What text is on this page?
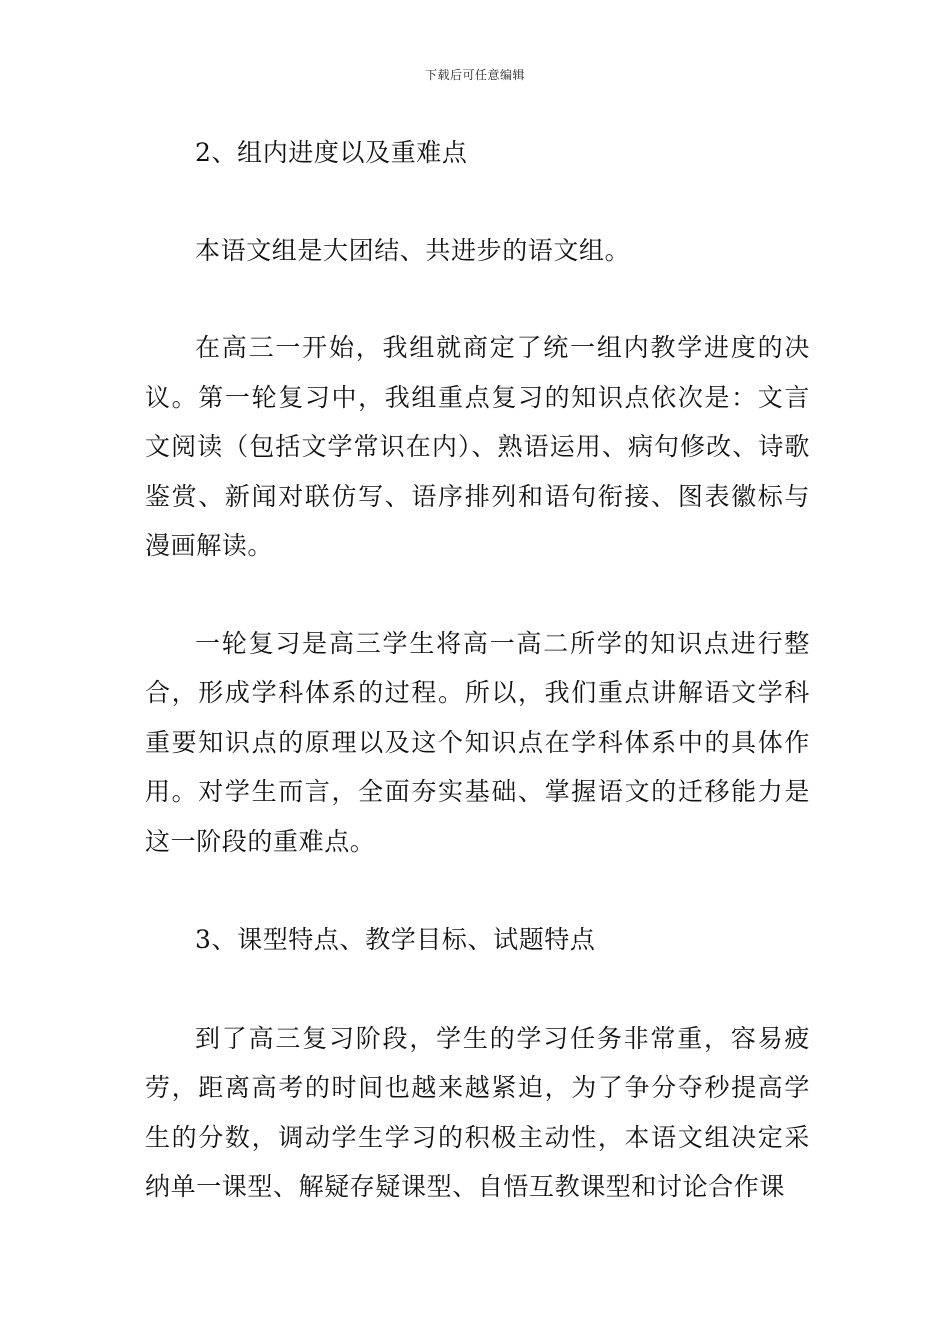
下载后可任意编辑

2、组内进度以及重难点

本语文组是大团结、共进步的语文组。

在高三一开始，我组就商定了统一组内教学进度的决议。第一轮复习中，我组重点复习的知识点依次是：文言文阅读（包括文学常识在内）、熟语运用、病句修改、诗歌鉴赏、新闻对联仿写、语序排列和语句衔接、图表徽标与漫画解读。

一轮复习是高三学生将高一高二所学的知识点进行整合，形成学科体系的过程。所以，我们重点讲解语文学科重要知识点的原理以及这个知识点在学科体系中的具体作用。对学生而言，全面夯实基础、掌握语文的迁移能力是这一阶段的重难点。

3、课型特点、教学目标、试题特点

到了高三复习阶段，学生的学习任务非常重，容易疲劳，距离高考的时间也越来越紧迫，为了争分夺秒提高学生的分数，调动学生学习的积极主动性，本语文组决定采纳单一课型、解疑存疑课型、自悟互教课型和讨论合作课
